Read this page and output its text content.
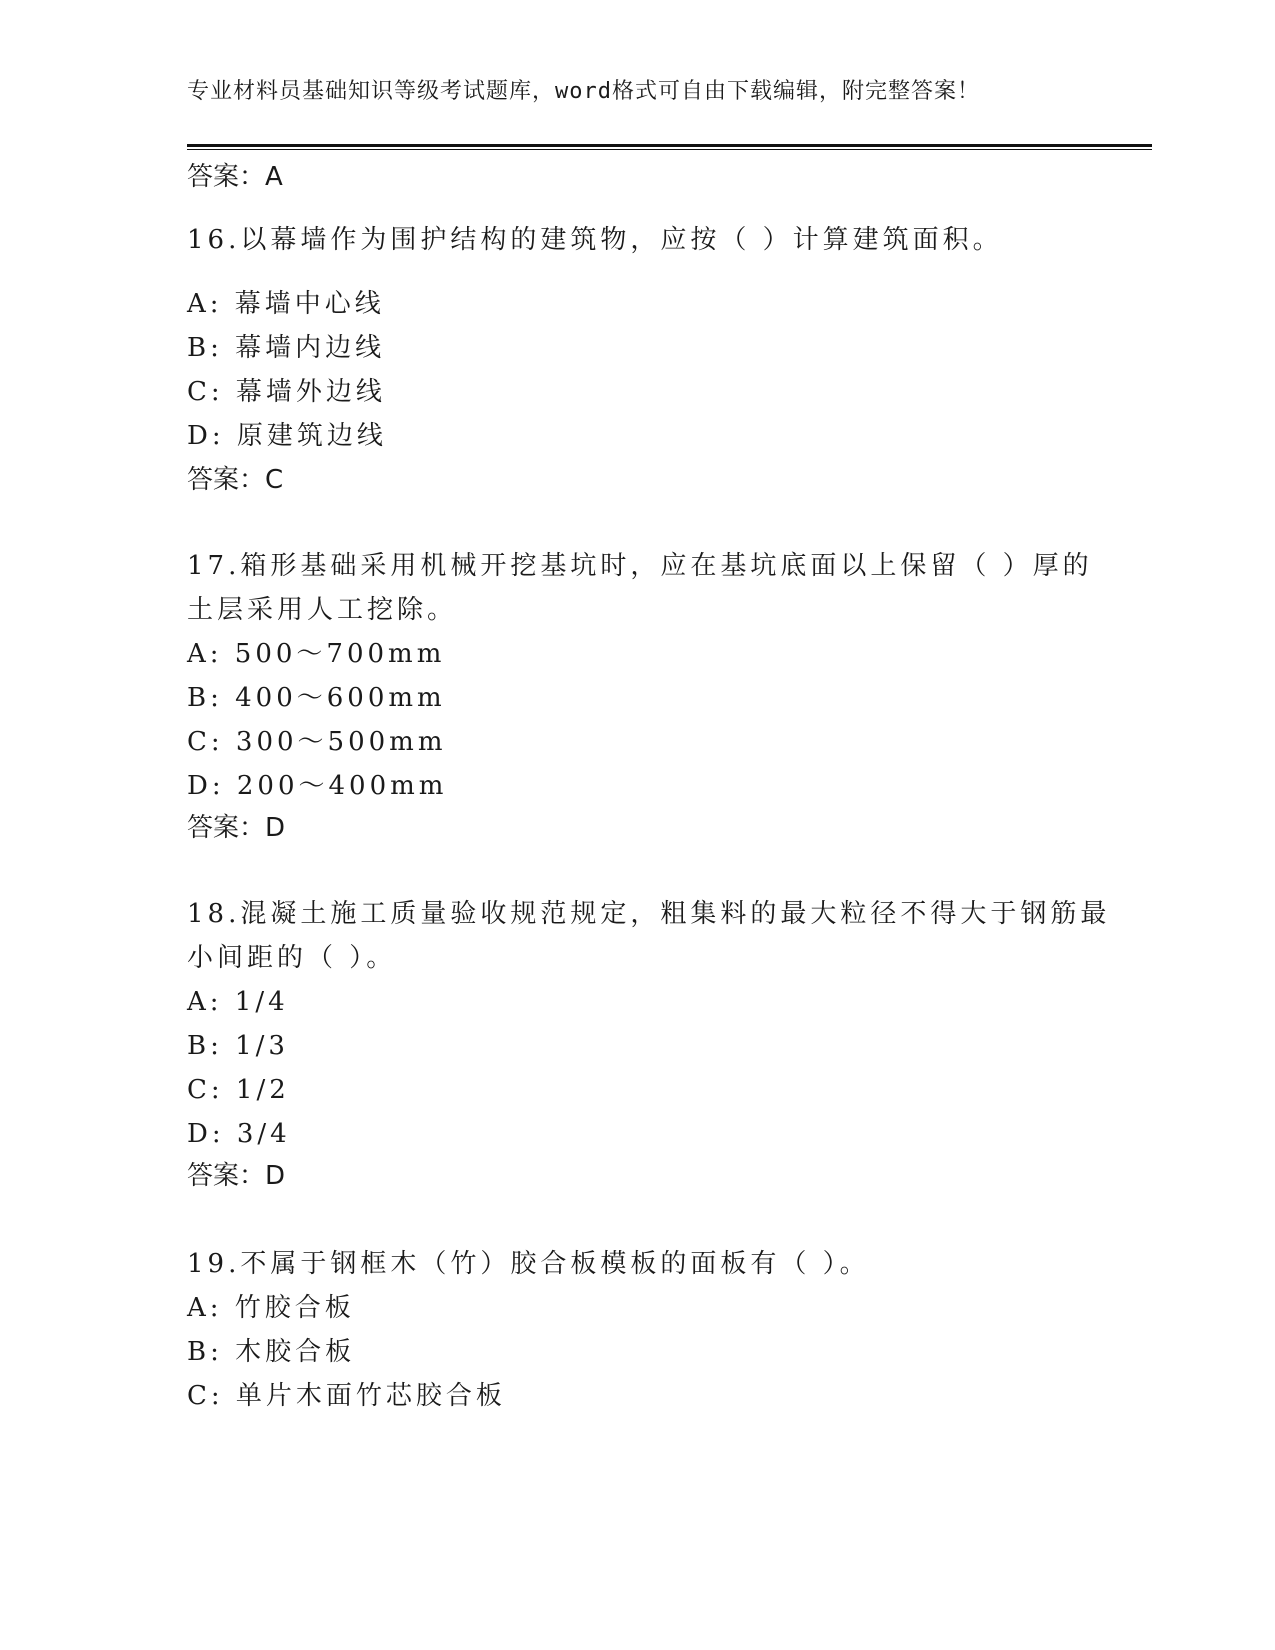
专业材料员基础知识等级考试题库，word格式可自由下载编辑，附完整答案！
答案：A
16.以幕墙作为围护结构的建筑物，应按（ ）计算建筑面积。
A: 幕墙中心线
B: 幕墙内边线
C: 幕墙外边线
D: 原建筑边线
答案：C
17.箱形基础采用机械开挖基坑时，应在基坑底面以上保留（ ）厚的
土层采用人工挖除。
A: 500～700mm
B: 400～600mm
C: 300～500mm
D: 200～400mm
答案：D
18.混凝土施工质量验收规范规定，粗集料的最大粒径不得大于钢筋最
小间距的（ ）。
A: 1/4
B: 1/3
C: 1/2
D: 3/4
答案：D
19.不属于钢框木（竹）胶合板模板的面板有（ ）。
A: 竹胶合板
B: 木胶合板
C: 单片木面竹芯胶合板
